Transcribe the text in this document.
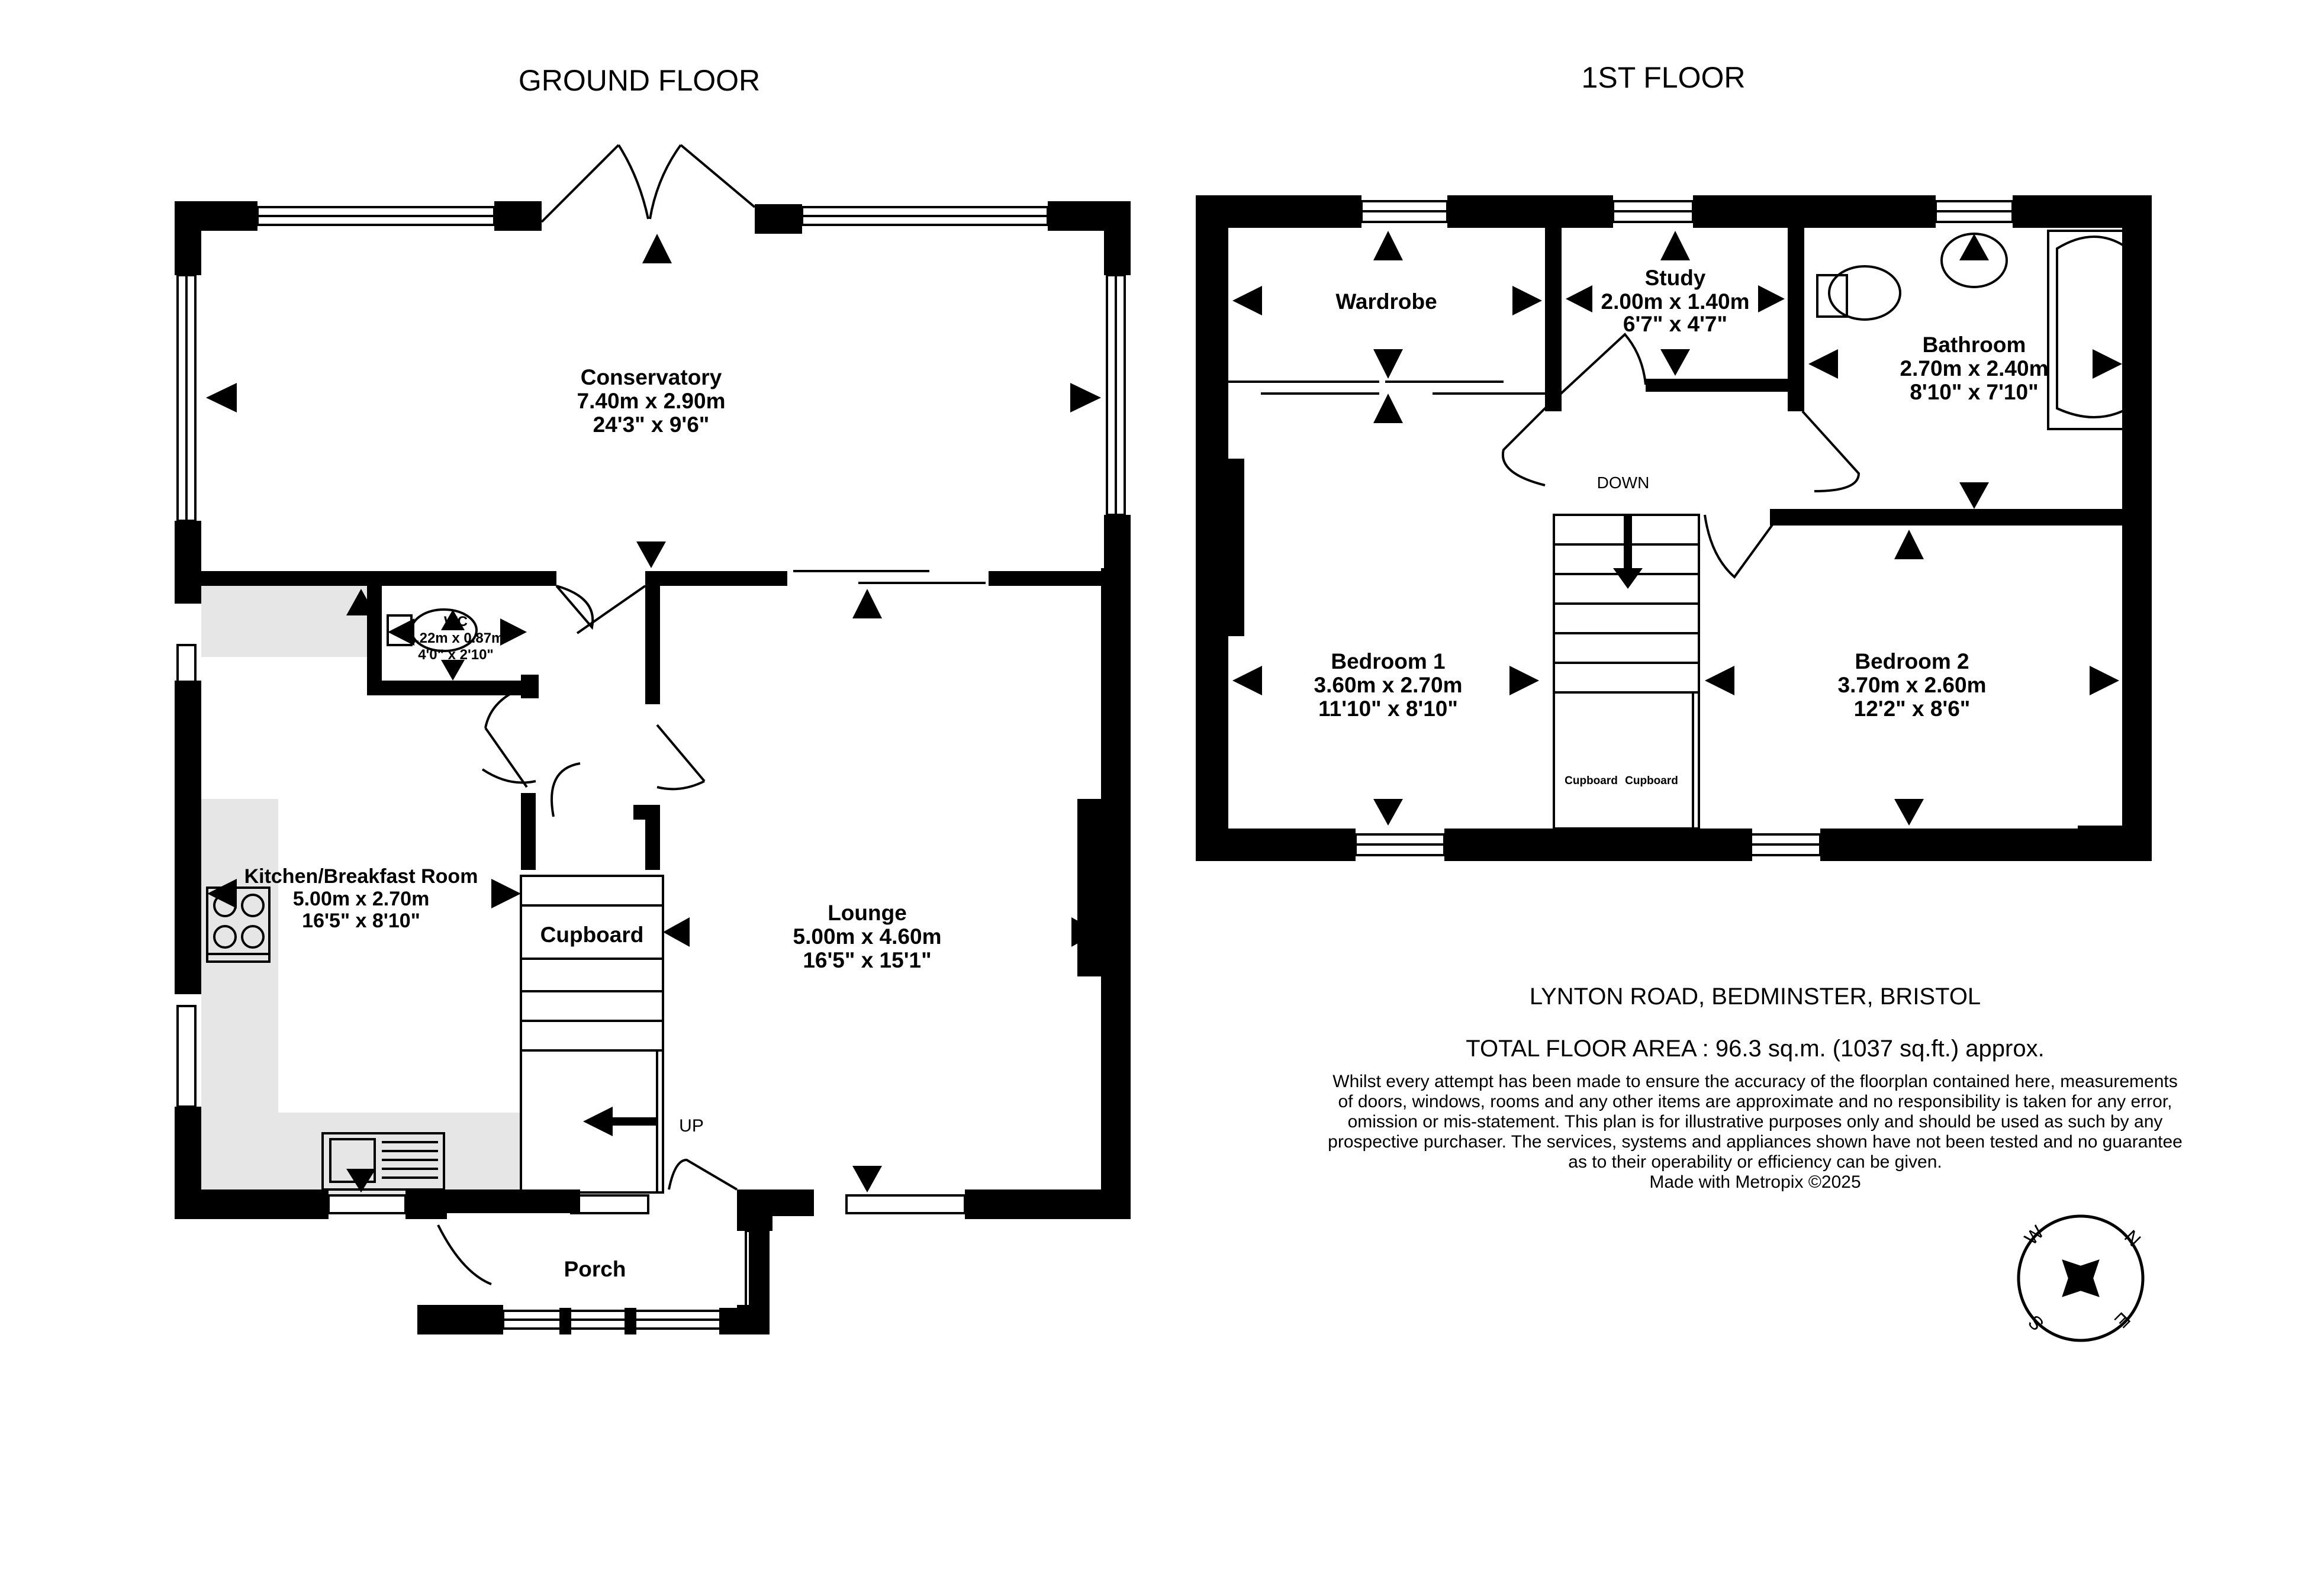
GROUND FLOOR	1ST FLOOR
Conservatory
7.40m x 2.90m
24'3" x 9'6"
WC
1.22m x 0.87m
4'0" x 2'10"
Kitchen/Breakfast Room
5.00m x 2.70m
16'5" x 8'10"
Cupboard
Lounge
5.00m x 4.60m
16'5" x 15'1"
UP
Porch
Wardrobe
Study
2.00m x 1.40m
6'7" x 4'7"
Bathroom
2.70m x 2.40m
8'10" x 7'10"
DOWN
Bedroom 1
3.60m x 2.70m
11'10" x 8'10"
Bedroom 2
3.70m x 2.60m
12'2" x 8'6"
Cupboard Cupboard
LYNTON ROAD, BEDMINSTER, BRISTOL
TOTAL FLOOR AREA : 96.3 sq.m. (1037 sq.ft.) approx.
Whilst every attempt has been made to ensure the accuracy of the floorplan contained here, measurements
of doors, windows, rooms and any other items are approximate and no responsibility is taken for any error,
omission or mis-statement. This plan is for illustrative purposes only and should be used as such by any
prospective purchaser. The services, systems and appliances shown have not been tested and no guarantee
as to their operability or efficiency can be given.
Made with Metropix ©2025
N
E
S
W
